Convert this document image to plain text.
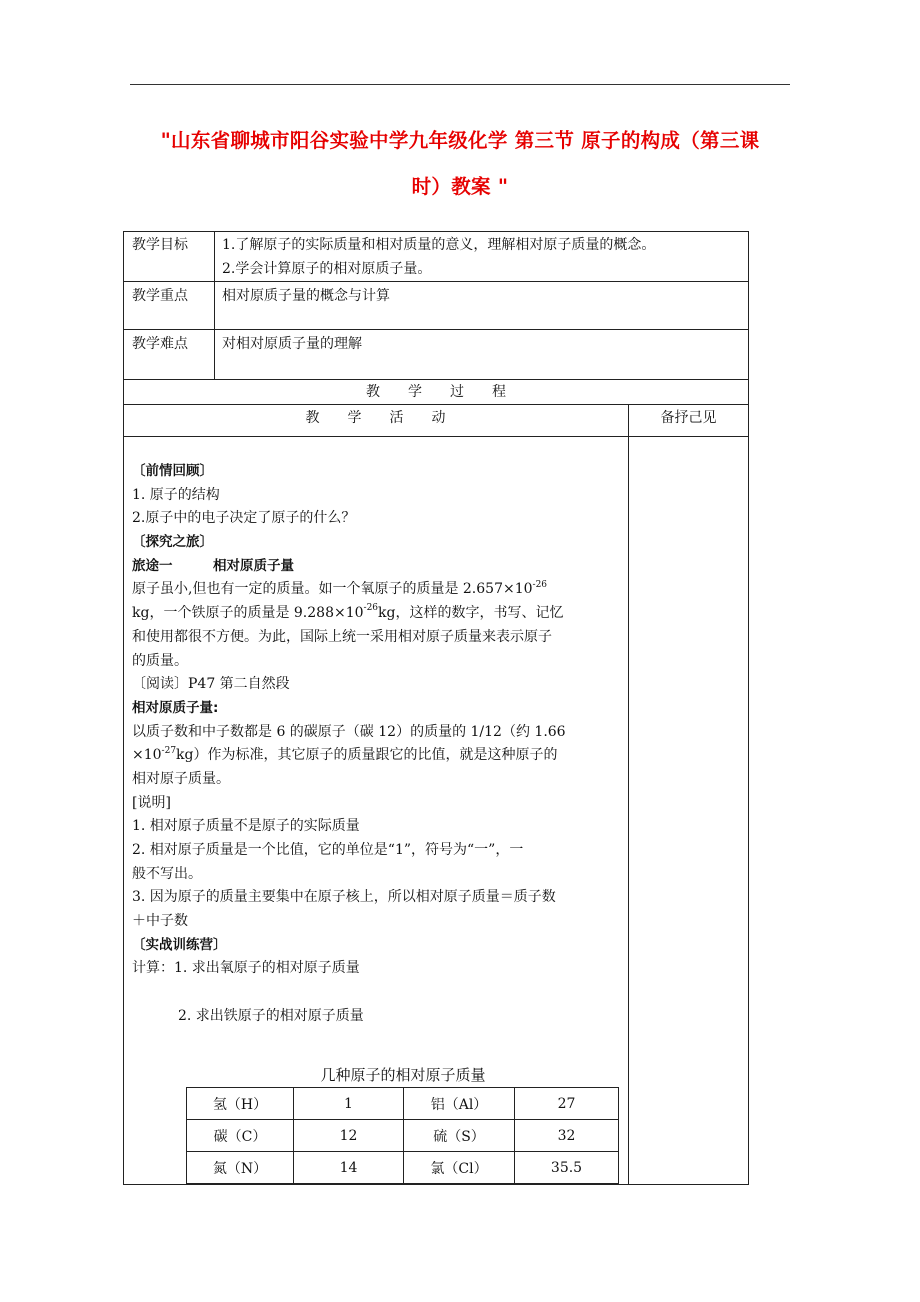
"山东省聊城市阳谷实验中学九年级化学 第三节 原子的构成（第三课
时）教案 "
教学目标 1.了解原子的实际质量和相对质量的意义，理解相对原子质量的概念。
2.学会计算原子的相对原质子量。
教学重点 相对原质子量的概念与计算
教学难点 对相对原质子量的理解
教　　学　　过　　程
教　　学　　活　　动	备抒己见
〔前情回顾〕
1. 原子的结构
2.原子中的电子决定了原子的什么？
〔探究之旅〕
旅途一　　　相对原质子量
原子虽小,但也有一定的质量。如一个氧原子的质量是 $2.657\times 10^{-26}$
kg，一个铁原子的质量是 $9.288\times 10^{-26}kg$，这样的数字，书写、记忆
和使用都很不方便。为此，国际上统一采用相对原子质量来表示原子
的质量。
〔阅读〕P47 第二自然段
相对原质子量:
以质子数和中子数都是 6 的碳原子（碳 12）的质量的 1/12（约 1.66
$\times 10^{-27}kg$）作为标准，其它原子的质量跟它的比值，就是这种原子的
相对原子质量。
[说明]
1. 相对原子质量不是原子的实际质量
2. 相对原子质量是一个比值，它的单位是“1”，符号为“一”，一
般不写出。
3. 因为原子的质量主要集中在原子核上，所以相对原子质量＝质子数
＋中子数
〔实战训练营〕
计算：1. 求出氧原子的相对原子质量
2. 求出铁原子的相对原子质量
几种原子的相对原子质量
氢（H）	1	铝（Al）	27
碳（C）	12	硫（S）	32
氮（N）	14	氯（Cl）	35.5
